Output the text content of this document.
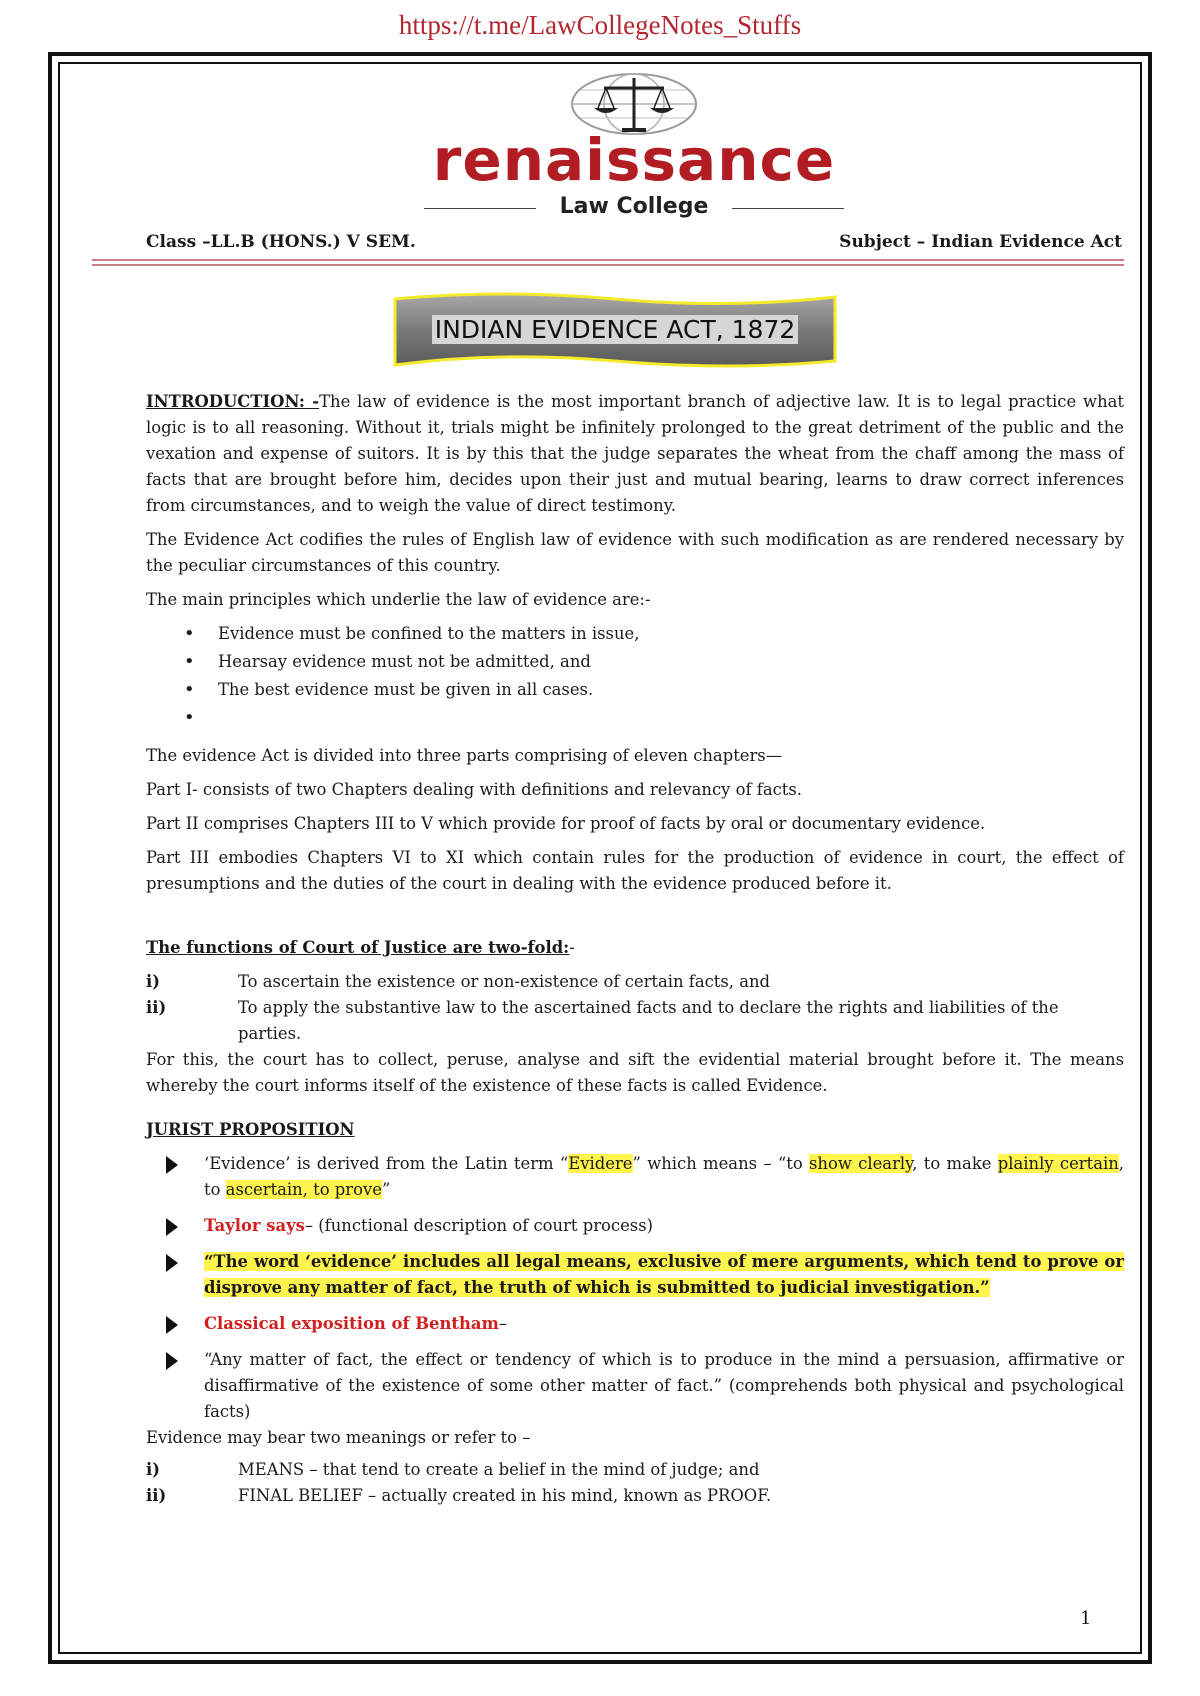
https://t.me/LawCollegeNotes_Stuffs
renaissance
Law College
Class –LL.B (HONS.) V SEM.	Subject – Indian Evidence Act
INDIAN EVIDENCE ACT, 1872

INTRODUCTION: -The law of evidence is the most important branch of adjective law. It is to legal practice what logic is to all reasoning. Without it, trials might be infinitely prolonged to the great detriment of the public and the vexation and expense of suitors. It is by this that the judge separates the wheat from the chaff among the mass of facts that are brought before him, decides upon their just and mutual bearing, learns to draw correct inferences from circumstances, and to weigh the value of direct testimony.

The Evidence Act codifies the rules of English law of evidence with such modification as are rendered necessary by the peculiar circumstances of this country.

The main principles which underlie the law of evidence are:-

• Evidence must be confined to the matters in issue,
• Hearsay evidence must not be admitted, and
• The best evidence must be given in all cases.
•

The evidence Act is divided into three parts comprising of eleven chapters—

Part I- consists of two Chapters dealing with definitions and relevancy of facts.

Part II comprises Chapters III to V which provide for proof of facts by oral or documentary evidence.

Part III embodies Chapters VI to XI which contain rules for the production of evidence in court, the effect of presumptions and the duties of the court in dealing with the evidence produced before it.

The functions of Court of Justice are two-fold:-

i)	To ascertain the existence or non-existence of certain facts, and
ii)	To apply the substantive law to the ascertained facts and to declare the rights and liabilities of the parties.

For this, the court has to collect, peruse, analyse and sift the evidential material brought before it. The means whereby the court informs itself of the existence of these facts is called Evidence.

JURIST PROPOSITION

‘Evidence’ is derived from the Latin term “Evidere” which means – “to show clearly, to make plainly certain, to ascertain, to prove”
Taylor says– (functional description of court process)
“The word ‘evidence’ includes all legal means, exclusive of mere arguments, which tend to prove or disprove any matter of fact, the truth of which is submitted to judicial investigation.”
Classical exposition of Bentham–
“Any matter of fact, the effect or tendency of which is to produce in the mind a persuasion, affirmative or disaffirmative of the existence of some other matter of fact.” (comprehends both physical and psychological facts)

Evidence may bear two meanings or refer to –

i)	MEANS – that tend to create a belief in the mind of judge; and
ii)	FINAL BELIEF – actually created in his mind, known as PROOF.
1
